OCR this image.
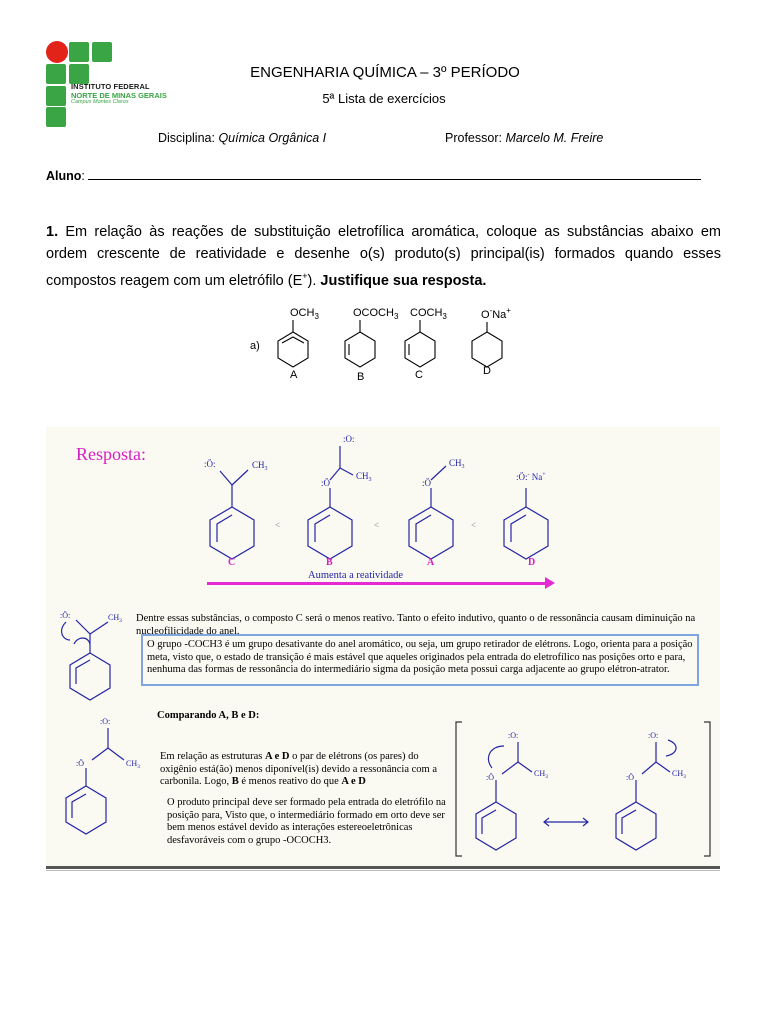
INSTITUTO FEDERAL
NORTE DE MINAS GERAIS
Campus Montes Claros
ENGENHARIA QUÍMICA – 3º PERÍODO
5ª Lista de exercícios
Disciplina: Química Orgânica I	Professor: Marcelo M. Freire
Aluno:
1. Em relação às reações de substituição eletrofílica aromática, coloque as substâncias abaixo em ordem crescente de reatividade e desenhe o(s) produto(s) principal(is) formados quando esses compostos reagem com um eletrófilo (E+). Justifique sua resposta.
a)
$OCH_3$	$OCOCH_3$ $COCH_3$	O-Na+
A	B	C	D
Resposta:	:Ö:	$CH_3$
:Ö
:O:
$CH_3$	:Ö
$CH_3$
:Ö:- Na+
<	<	<
C	B	A	D
Aumenta a reatividade
:Ö:	$CH_3$ Dentre essas substâncias, o composto C será o menos reativo. Tanto o efeito indutivo, quanto o de ressonância causam diminuição na nucleofilicidade do anel.
O grupo -COCH3 é um grupo desativante do anel aromático, ou seja, um grupo retirador de elétrons. Logo, orienta para a posição meta, visto que, o estado de transição é mais estável que aqueles originados pela entrada do eletrofílico nas posições orto e para, nenhuma das formas de ressonância do intermediário sigma da posição meta possui carga adjacente ao grupo elétron-atrator.
Comparando A, B e D:
:O:
:Ö	$CH_3$
Em relação as estruturas A e D o par de elétrons (os pares) do oxigênio está(ão) menos diponível(is) devido a ressonância com a carbonila. Logo, B é menos reativo do que A e D
O produto principal deve ser formado pela entrada do eletrófilo na posição para, Visto que, o intermediário formado em orto deve ser bem menos estável devido as interações estereoeletrônicas desfavoráveis com o grupo -OCOCH3.
:O:
:Ö	$CH_3$
:O:
:Ö	$CH_3$
